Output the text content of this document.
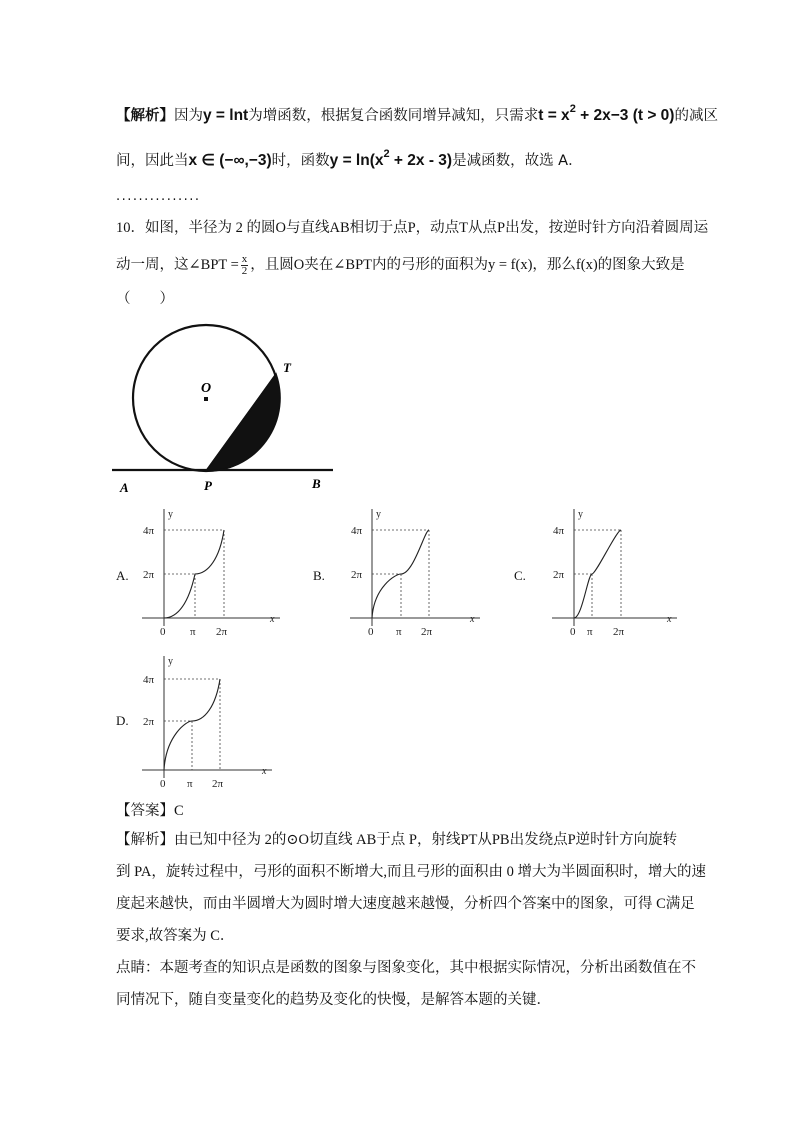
【解析】因为y = lnt为增函数，根据复合函数同增异减知，只需求$t = x^2 + 2x-3$ (t > 0)的减区
间，因此当x ∈ (−∞,−3)时，函数$y = \ln(x^2 + 2x - 3)$是减函数，故选 A．
...............
10．如图，半径为 2 的圆O与直线AB相切于点P，动点T从点P出发，按逆时针方向沿着圆周运
动一周，这∠BPT = $\frac{x}{2}$ ，且圆O夹在∠BPT内的弓形的面积为y = f(x)，那么f(x)的图象大致是
（　　）
O
T
A	P	B
A.
y
x
0 π 2π
2π
4π
B.
y
x
0 π 2π
2π
4π
C.
y
x
0 π 2π
2π
4π
D.
y
x
0 π 2π
2π
4π
【答案】C
【解析】由已知中径为 2的⊙O切直线 AB于点 P，射线PT从PB出发绕点P逆时针方向旋转
到 PA，旋转过程中，弓形的面积不断增大,而且弓形的面积由 0 增大为半圆面积时，增大的速
度起来越快，而由半圆增大为圆时增大速度越来越慢，分析四个答案中的图象，可得 C满足
要求,故答案为 C．
点睛：本题考查的知识点是函数的图象与图象变化，其中根据实际情况，分析出函数值在不
同情况下，随自变量变化的趋势及变化的快慢，是解答本题的关键．
